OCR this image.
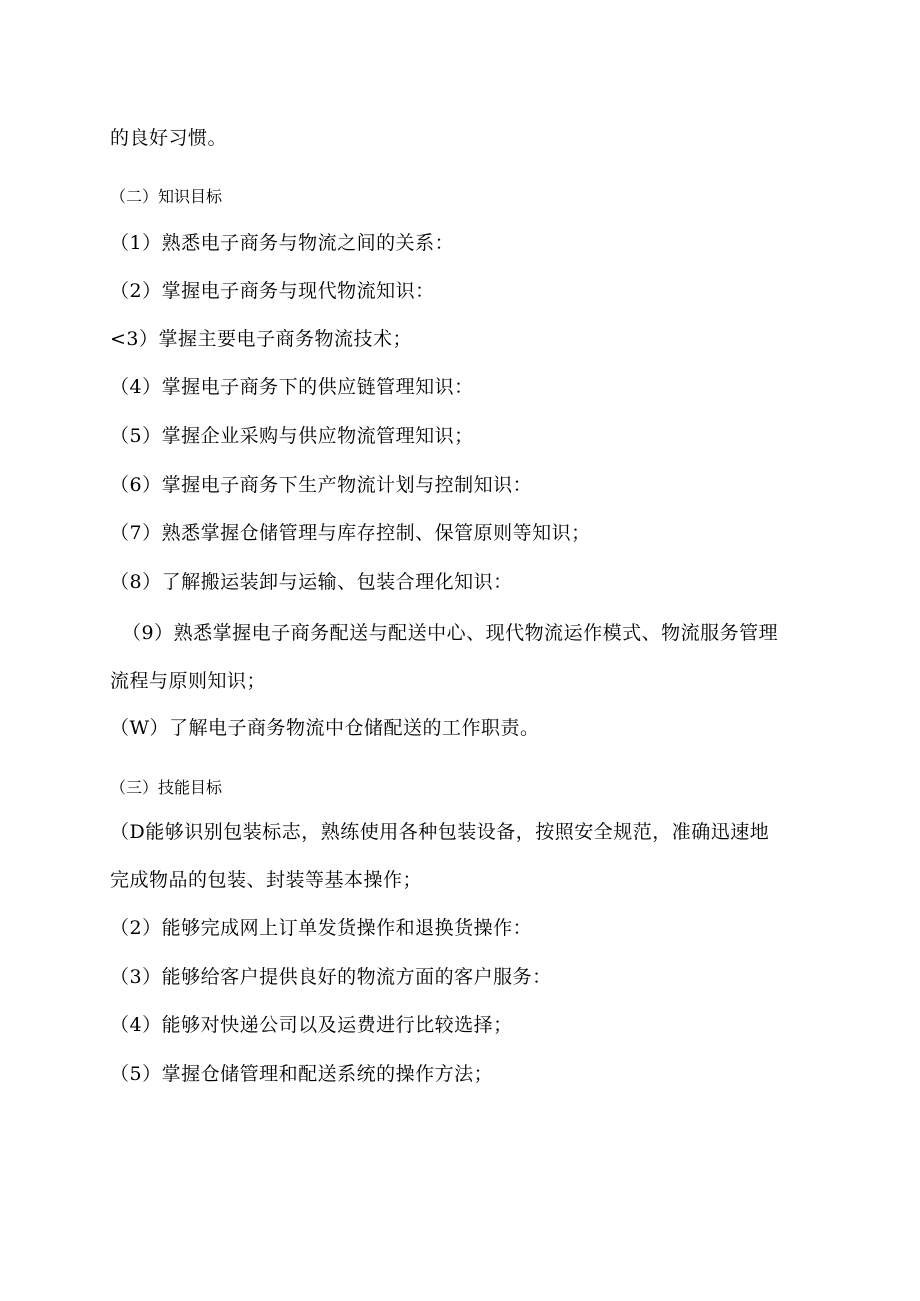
的良好习惯。
（二）知识目标
（1）熟悉电子商务与物流之间的关系：
（2）掌握电子商务与现代物流知识：
<3）掌握主要电子商务物流技术；
（4）掌握电子商务下的供应链管理知识：
（5）掌握企业采购与供应物流管理知识；
（6）掌握电子商务下生产物流计划与控制知识：
（7）熟悉掌握仓储管理与库存控制、保管原则等知识；
（8）了解搬运装卸与运输、包装合理化知识：
（9）熟悉掌握电子商务配送与配送中心、现代物流运作模式、物流服务管理
流程与原则知识；
（W）了解电子商务物流中仓储配送的工作职责。
（三）技能目标
（D能够识别包装标志，熟练使用各种包装设备，按照安全规范，准确迅速地
完成物品的包装、封装等基本操作；
（2）能够完成网上订单发货操作和退换货操作：
（3）能够给客户提供良好的物流方面的客户服务：
（4）能够对快递公司以及运费进行比较选择；
（5）掌握仓储管理和配送系统的操作方法；
